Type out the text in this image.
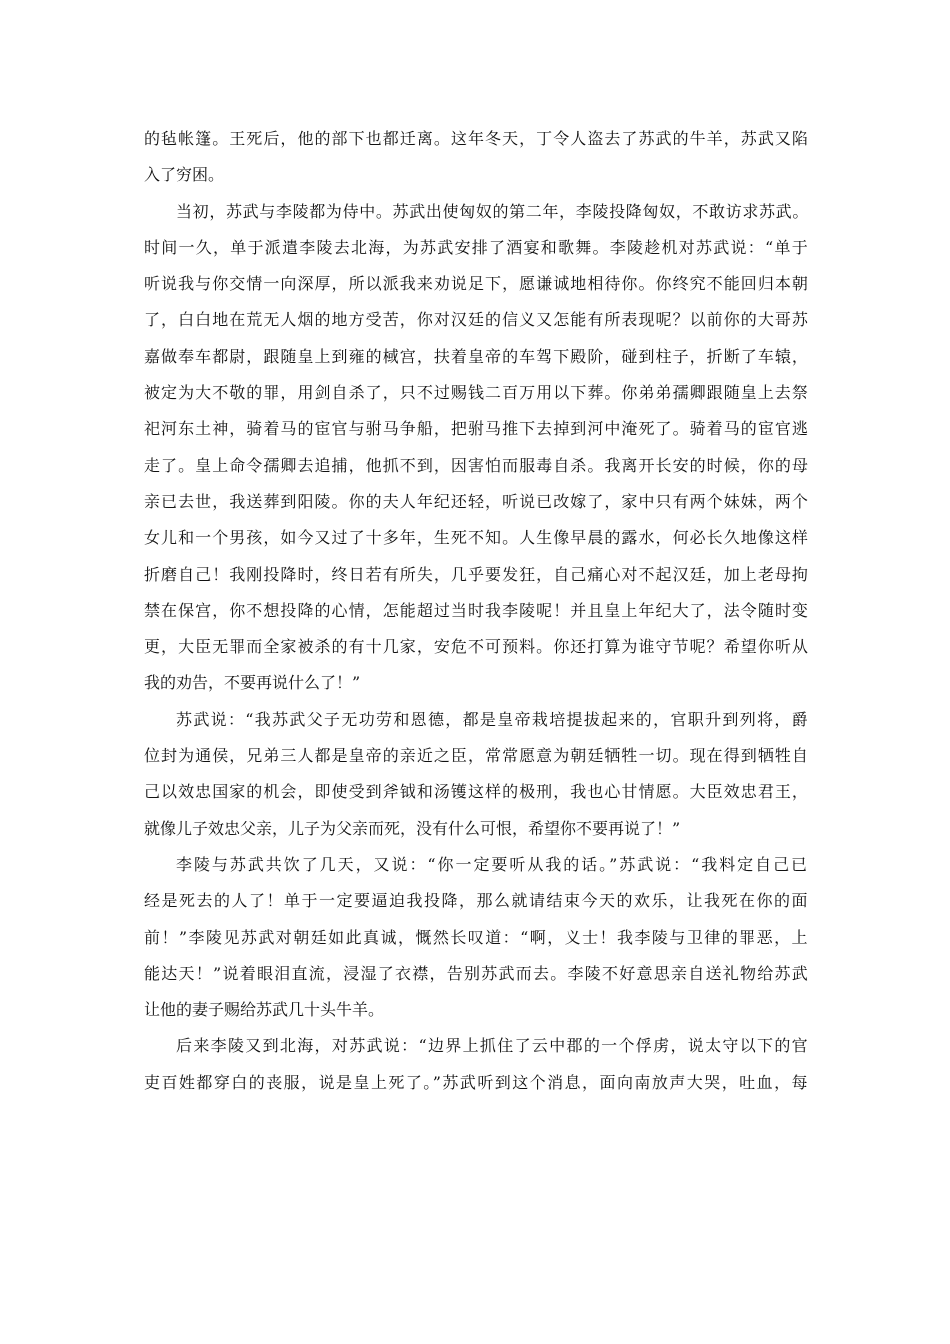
的毡帐篷。王死后，他的部下也都迁离。这年冬天，丁令人盗去了苏武的牛羊，苏武又陷
入了穷困。
当初，苏武与李陵都为侍中。苏武出使匈奴的第二年，李陵投降匈奴，不敢访求苏武。
时间一久，单于派遣李陵去北海，为苏武安排了酒宴和歌舞。李陵趁机对苏武说：“单于
听说我与你交情一向深厚，所以派我来劝说足下，愿谦诚地相待你。你终究不能回归本朝
了，白白地在荒无人烟的地方受苦，你对汉廷的信义又怎能有所表现呢？以前你的大哥苏
嘉做奉车都尉，跟随皇上到雍的棫宫，扶着皇帝的车驾下殿阶，碰到柱子，折断了车辕，
被定为大不敬的罪，用剑自杀了，只不过赐钱二百万用以下葬。你弟弟孺卿跟随皇上去祭
祀河东土神，骑着马的宦官与驸马争船，把驸马推下去掉到河中淹死了。骑着马的宦官逃
走了。皇上命令孺卿去追捕，他抓不到，因害怕而服毒自杀。我离开长安的时候，你的母
亲已去世，我送葬到阳陵。你的夫人年纪还轻，听说已改嫁了，家中只有两个妹妹，两个
女儿和一个男孩，如今又过了十多年，生死不知。人生像早晨的露水，何必长久地像这样
折磨自己！我刚投降时，终日若有所失，几乎要发狂，自己痛心对不起汉廷，加上老母拘
禁在保宫，你不想投降的心情，怎能超过当时我李陵呢！并且皇上年纪大了，法令随时变
更，大臣无罪而全家被杀的有十几家，安危不可预料。你还打算为谁守节呢？希望你听从
我的劝告，不要再说什么了！”
苏武说：“我苏武父子无功劳和恩德，都是皇帝栽培提拔起来的，官职升到列将，爵
位封为通侯，兄弟三人都是皇帝的亲近之臣，常常愿意为朝廷牺牲一切。现在得到牺牲自
己以效忠国家的机会，即使受到斧钺和汤镬这样的极刑，我也心甘情愿。大臣效忠君王，
就像儿子效忠父亲，儿子为父亲而死，没有什么可恨，希望你不要再说了！”
李陵与苏武共饮了几天，又说：“你一定要听从我的话。”苏武说：“我料定自己已
经是死去的人了！单于一定要逼迫我投降，那么就请结束今天的欢乐，让我死在你的面
前！”李陵见苏武对朝廷如此真诚，慨然长叹道：“啊，义士！我李陵与卫律的罪恶，上
能达天！”说着眼泪直流，浸湿了衣襟，告别苏武而去。李陵不好意思亲自送礼物给苏武
让他的妻子赐给苏武几十头牛羊。
后来李陵又到北海，对苏武说：“边界上抓住了云中郡的一个俘虏，说太守以下的官
吏百姓都穿白的丧服，说是皇上死了。”苏武听到这个消息，面向南放声大哭，吐血，每
